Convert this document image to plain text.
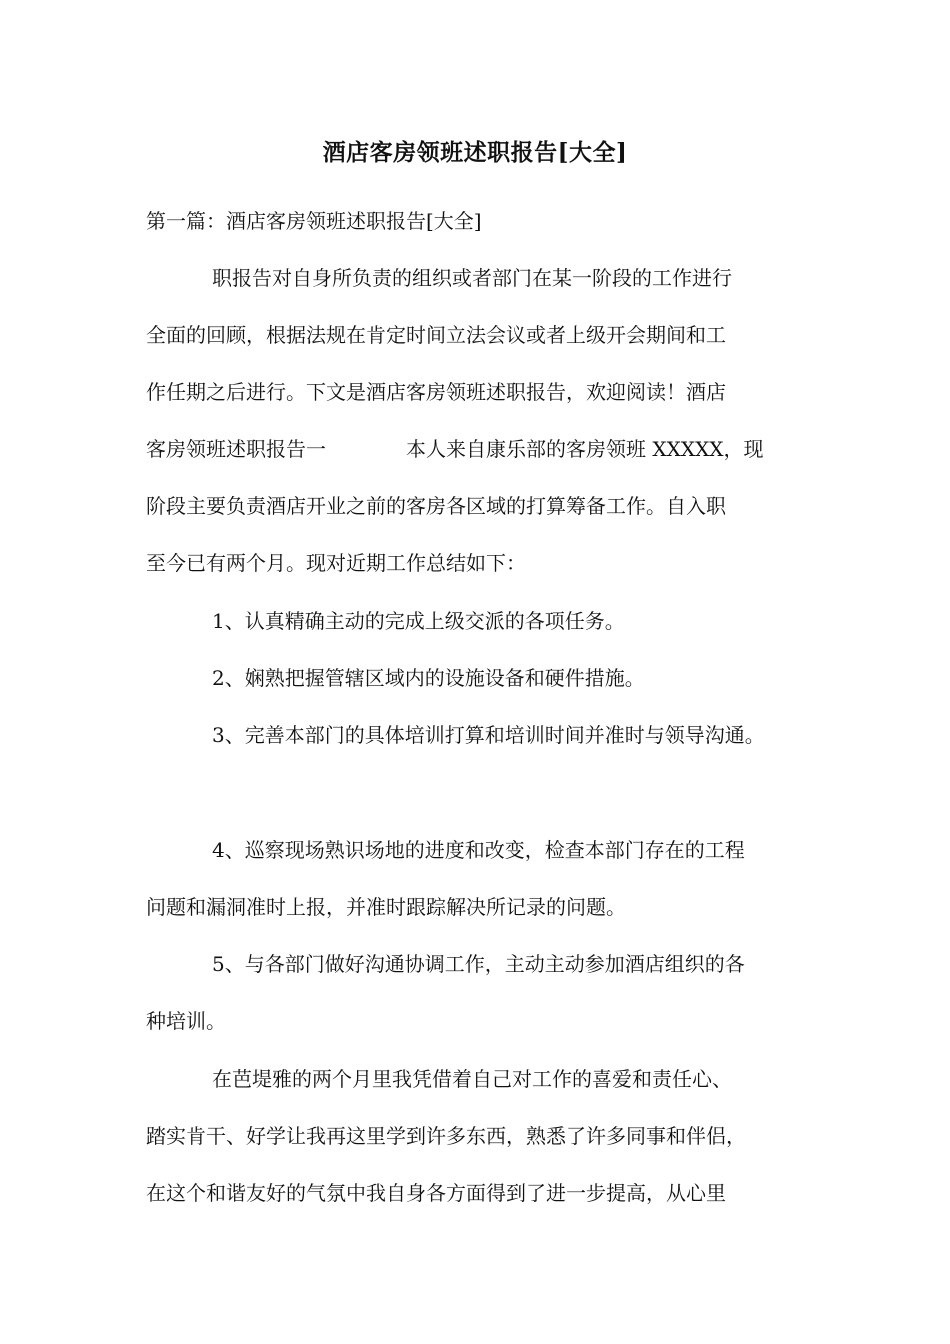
酒店客房领班述职报告[大全]
第一篇：酒店客房领班述职报告[大全]
职报告对自身所负责的组织或者部门在某一阶段的工作进行
全面的回顾，根据法规在肯定时间立法会议或者上级开会期间和工
作任期之后进行。下文是酒店客房领班述职报告，欢迎阅读！酒店
客房领班述职报告一　　　　本人来自康乐部的客房领班 XXXXX，现
阶段主要负责酒店开业之前的客房各区域的打算筹备工作。自入职
至今已有两个月。现对近期工作总结如下：
1、认真精确主动的完成上级交派的各项任务。
2、娴熟把握管辖区域内的设施设备和硬件措施。
3、完善本部门的具体培训打算和培训时间并准时与领导沟通。
4、巡察现场熟识场地的进度和改变，检查本部门存在的工程
问题和漏洞准时上报，并准时跟踪解决所记录的问题。
5、与各部门做好沟通协调工作，主动主动参加酒店组织的各
种培训。
在芭堤雅的两个月里我凭借着自己对工作的喜爱和责任心、
踏实肯干、好学让我再这里学到许多东西，熟悉了许多同事和伴侣，
在这个和谐友好的气氛中我自身各方面得到了进一步提高，从心里
